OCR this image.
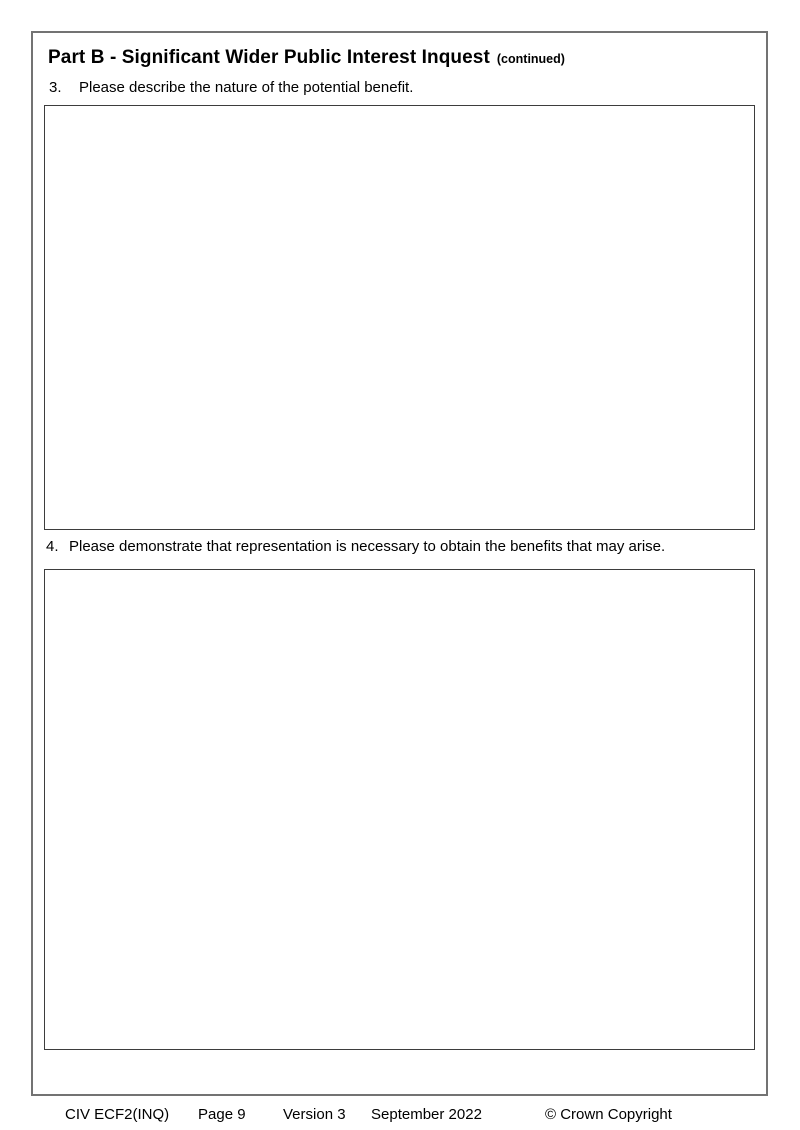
Part B - Significant Wider Public Interest Inquest (continued)
3. Please describe the nature of the potential benefit.
4. Please demonstrate that representation is necessary to obtain the benefits that may arise.
CIV ECF2(INQ) Page 9 Version 3 September 2022	© Crown Copyright
